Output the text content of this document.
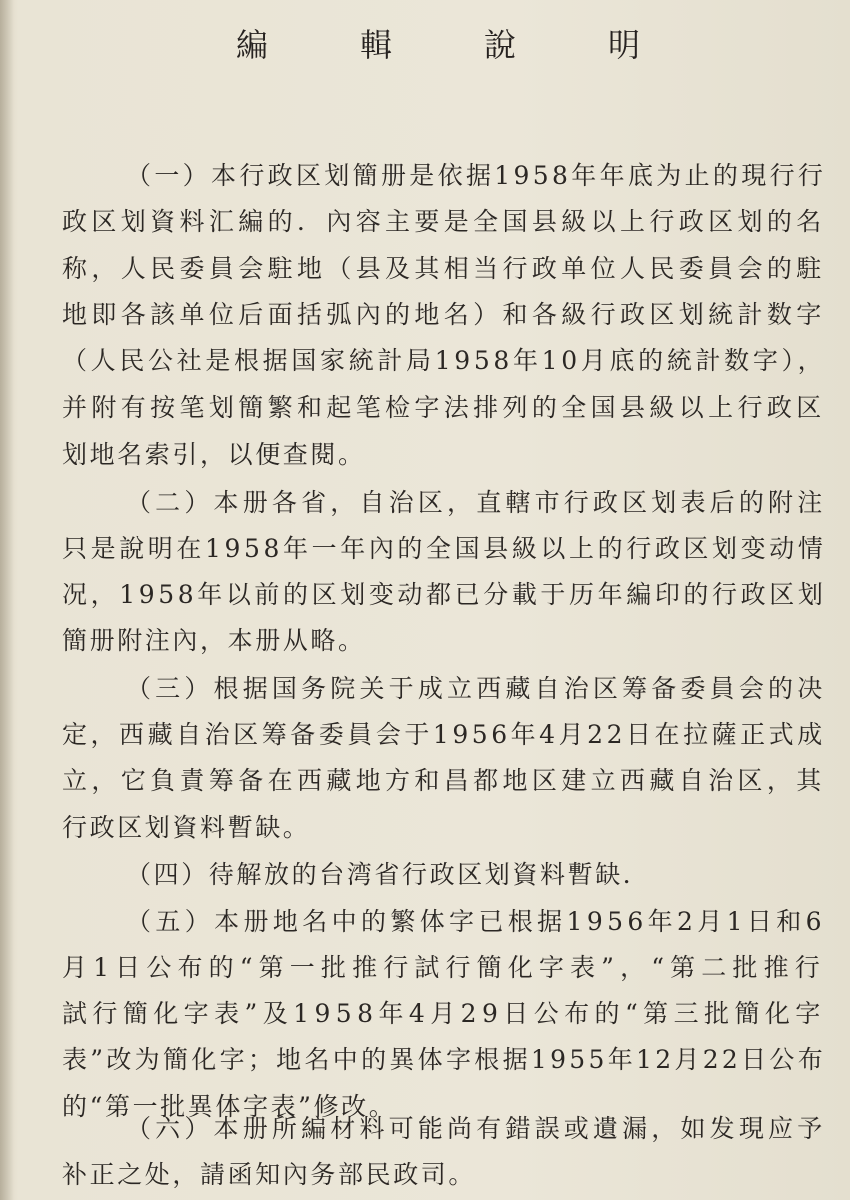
編	輯	說	明
（一）本行政区划簡册是依据1958年年底为止的現行行
政区划資料汇編的．內容主要是全国县級以上行政区划的名
称，人民委員会駐地（县及其相当行政单位人民委員会的駐
地即各該单位后面括弧內的地名）和各級行政区划統計数字
（人民公社是根据国家統計局1958年10月底的統計数字），
并附有按笔划簡繁和起笔检字法排列的全国县級以上行政区
划地名索引，以便查閱。
（二）本册各省，自治区，直轄市行政区划表后的附注
只是說明在1958年一年內的全国县級以上的行政区划变动情
况，1958年以前的区划变动都已分載于历年編印的行政区划
簡册附注內，本册从略。
（三）根据国务院关于成立西藏自治区筹备委員会的决
定，西藏自治区筹备委員会于1956年4月22日在拉薩正式成
立，它負責筹备在西藏地方和昌都地区建立西藏自治区，其
行政区划資料暫缺。
（四）待解放的台湾省行政区划資料暫缺．
（五）本册地名中的繁体字已根据1956年2月1日和6
月1日公布的“第一批推行試行簡化字表”，“第二批推行
試行簡化字表”及1958年4月29日公布的“第三批簡化字
表”改为簡化字；地名中的異体字根据1955年12月22日公布
的“第一批異体字表”修改。
（六）本册所編材料可能尚有錯誤或遺漏，如发現应予
补正之处，請函知內务部民政司。
